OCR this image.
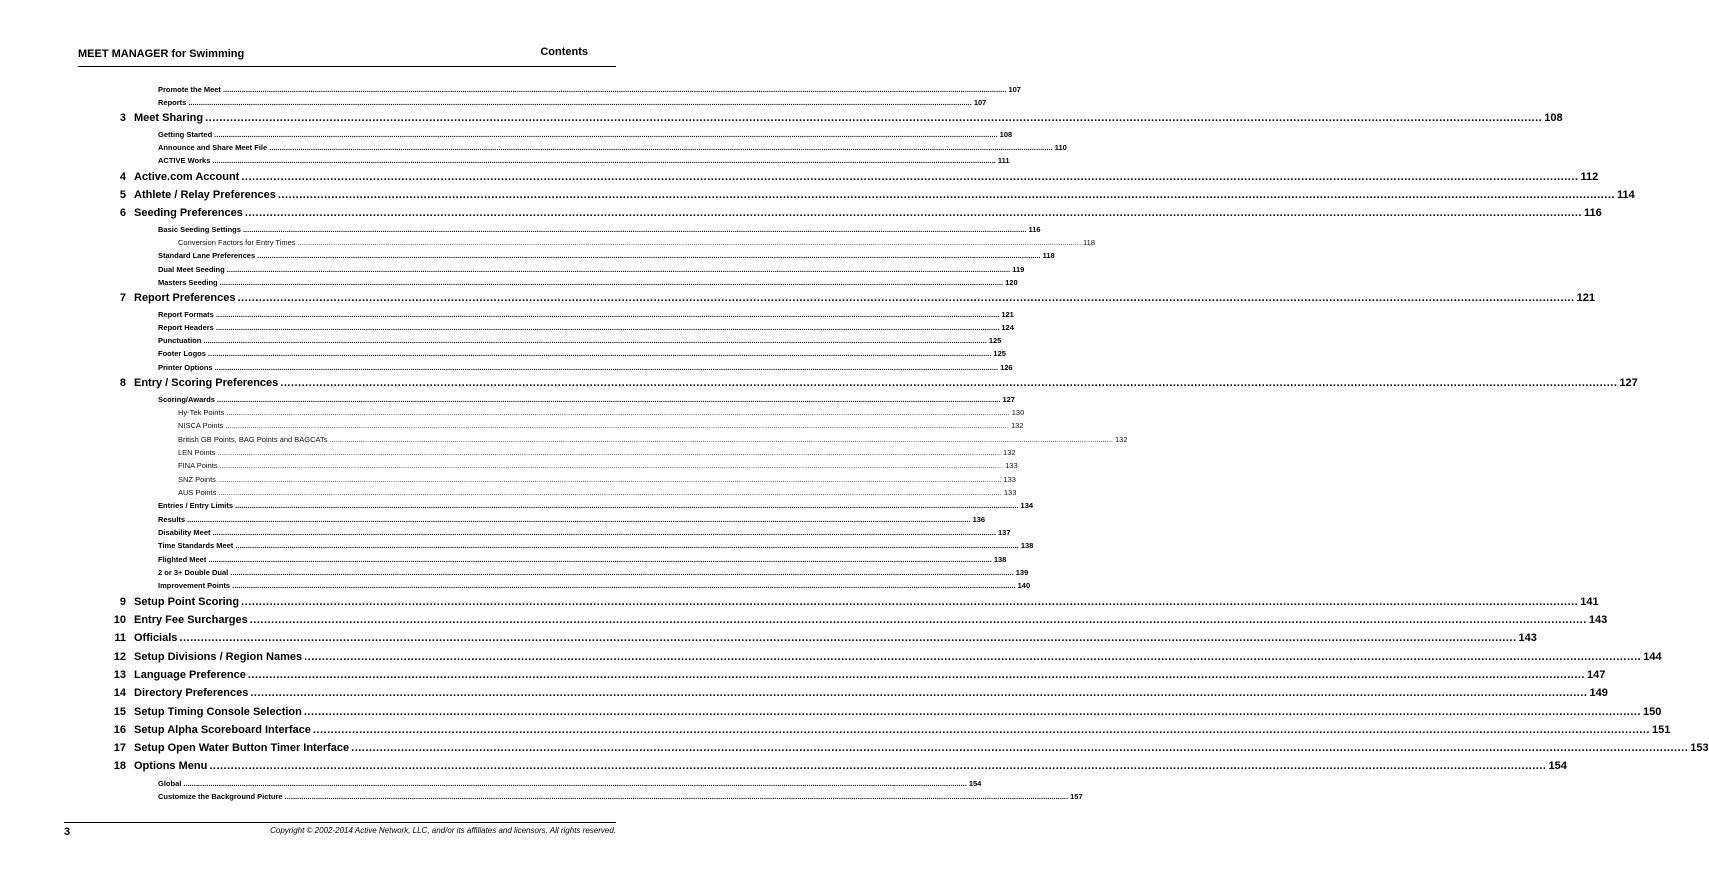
MEET MANAGER for Swimming	Contents
Promote the Meet .....	107
Reports .....	107
3 Meet Sharing .....	108
Getting Started .....	108
Announce and Share Meet File .....	110
ACTIVE Works .....	111
4 Active.com Account .....	112
5 Athlete / Relay Preferences .....	114
6 Seeding Preferences .....	116
Basic Seeding Settings .....	116
Conversion Factors for Entry Times .....	118
Standard Lane Preferences .....	118
Dual Meet Seeding .....	119
Masters Seeding .....	120
7 Report Preferences .....	121
Report Formats .....	121
Report Headers .....	124
Punctuation .....	125
Footer Logos .....	125
Printer Options .....	126
8 Entry / Scoring Preferences .....	127
Scoring/Awards .....	127
Hy-Tek Points .....	130
NISCA Points .....	132
British GB Points, BAG Points and BAGCATs .....	132
LEN Points .....	132
FINA Points .....	133
SNZ Points .....	133
AUS Points .....	133
Entries / Entry Limits .....	134
Results .....	136
Disability Meet .....	137
Time Standards Meet .....	138
Flighted Meet .....	138
2 or 3+ Double Dual .....	139
Improvement Points .....	140
9 Setup Point Scoring .....	141
10 Entry Fee Surcharges .....	143
11 Officials .....	143
12 Setup Divisions / Region Names .....	144
13 Language Preference .....	147
14 Directory Preferences .....	149
15 Setup Timing Console Selection .....	150
16 Setup Alpha Scoreboard Interface .....	151
17 Setup Open Water Button Timer Interface .....	153
18 Options Menu .....	154
Global .....	154
Customize the Background Picture .....	157
3	Copyright © 2002-2014 Active Network, LLC, and/or its affiliates and licensors. All rights reserved.
